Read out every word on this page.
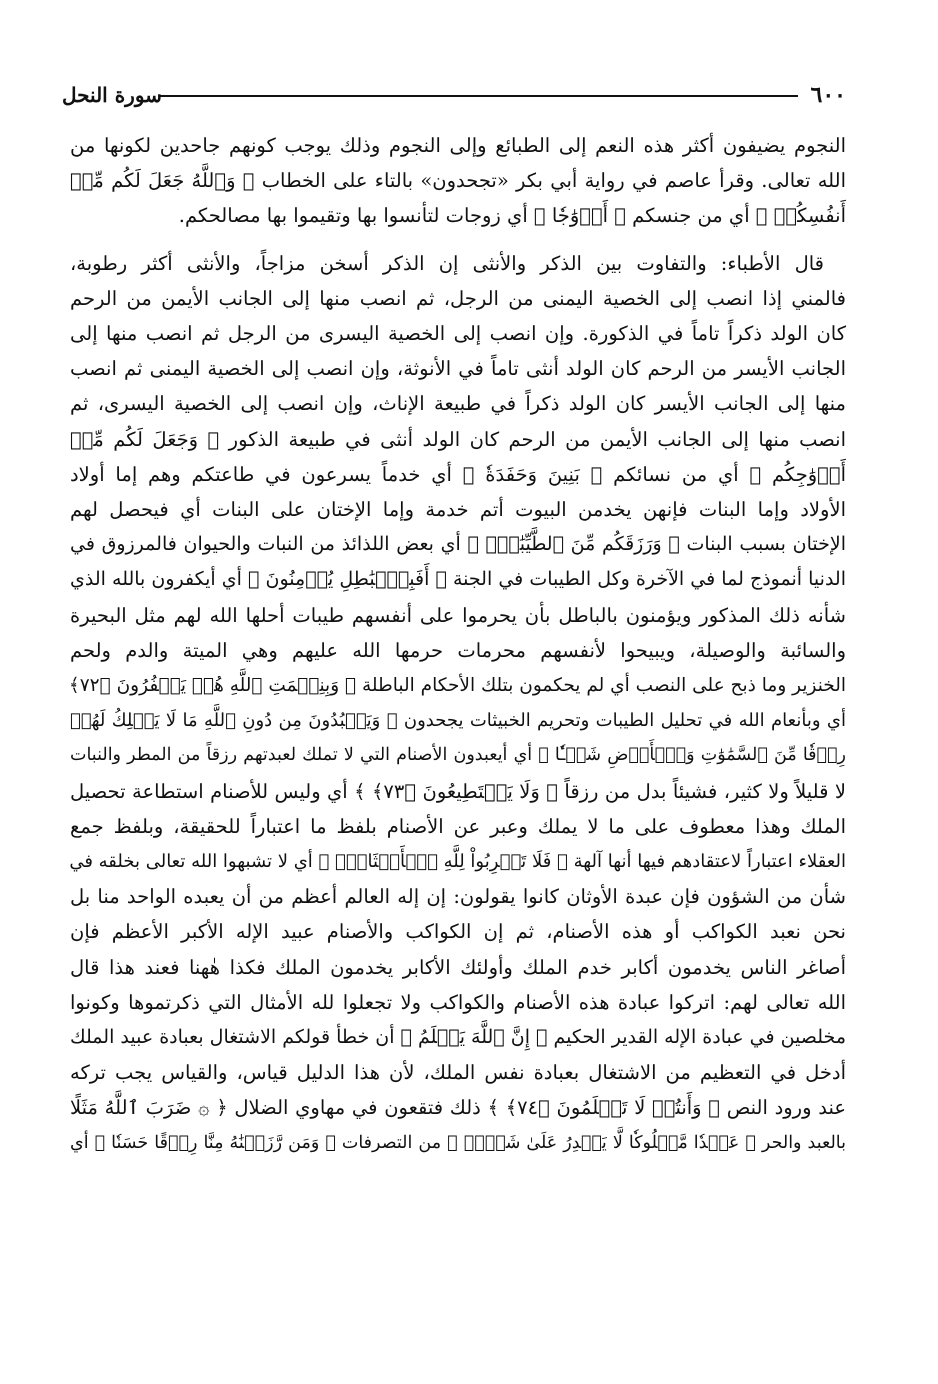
٦٠٠
سورة النحل

النجوم يضيفون أكثر هذه النعم إلى الطبائع وإلى النجوم وذلك يوجب كونهم جاحدين لكونها من
الله تعالى. وقرأ عاصم في رواية أبي بكر «تجحدون» بالتاء على الخطاب ﴿ وَٱللَّهُ جَعَلَ لَكُم مِّنۡ
أَنفُسِكُمۡ ﴾ أي من جنسكم ﴿ أَزۡوَٰجٗا ﴾ أي زوجات لتأنسوا بها وتقيموا بها مصالحكم.

قال الأطباء: والتفاوت بين الذكر والأنثى إن الذكر أسخن مزاجاً، والأنثى أكثر رطوبة،
فالمني إذا انصب إلى الخصية اليمنى من الرجل، ثم انصب منها إلى الجانب الأيمن من الرحم
كان الولد ذكراً تاماً في الذكورة. وإن انصب إلى الخصية اليسرى من الرجل ثم انصب منها إلى
الجانب الأيسر من الرحم كان الولد أنثى تاماً في الأنوثة، وإن انصب إلى الخصية اليمنى ثم انصب
منها إلى الجانب الأيسر كان الولد ذكراً في طبيعة الإناث، وإن انصب إلى الخصية اليسرى، ثم
انصب منها إلى الجانب الأيمن من الرحم كان الولد أنثى في طبيعة الذكور ﴿ وَجَعَلَ لَكُم مِّنۡ
أَزۡوَٰجِكُم ﴾ أي من نسائكم ﴿ بَنِينَ وَحَفَدَةٗ ﴾ أي خدماً يسرعون في طاعتكم وهم إما أولاد
الأولاد وإما البنات فإنهن يخدمن البيوت أتم خدمة وإما الإختان على البنات أي فيحصل لهم
الإختان بسبب البنات ﴿ وَرَزَقَكُم مِّنَ ٱلطَّيِّبَٰتِۚ ﴾ أي بعض اللذائذ من النبات والحيوان فالمرزوق في
الدنيا أنموذج لما في الآخرة وكل الطيبات في الجنة ﴿ أَفَبِٱلۡبَٰطِلِ يُؤۡمِنُونَ ﴾ أي أيكفرون بالله الذي
شأنه ذلك المذكور ويؤمنون بالباطل بأن يحرموا على أنفسهم طيبات أحلها الله لهم مثل البحيرة
والسائبة والوصيلة، ويبيحوا لأنفسهم محرمات حرمها الله عليهم وهي الميتة والدم ولحم
الخنزير وما ذبح على النصب أي لم يحكمون بتلك الأحكام الباطلة ﴿ وَبِنِعۡمَتِ ٱللَّهِ هُمۡ يَكۡفُرُونَ ﴿٧٢﴾
أي وبأنعام الله في تحليل الطيبات وتحريم الخبيثات يجحدون ﴿ وَيَعۡبُدُونَ مِن دُونِ ٱللَّهِ مَا لَا يَمۡلِكُ لَهُمۡ
رِزۡقٗا مِّنَ ٱلسَّمَٰوَٰتِ وَٱلۡأَرۡضِ شَيۡـٔٗا ﴾ أي أيعبدون الأصنام التي لا تملك لعبدتهم رزقاً من المطر والنبات
لا قليلاً ولا كثير، فشيئاً بدل من رزقاً ﴿ وَلَا يَسۡتَطِيعُونَ ﴿٧٣﴾ ﴾ أي وليس للأصنام استطاعة تحصيل
الملك وهذا معطوف على ما لا يملك وعبر عن الأصنام بلفظ ما اعتباراً للحقيقة، وبلفظ جمع
العقلاء اعتباراً لاعتقادهم فيها أنها آلهة ﴿ فَلَا تَضۡرِبُواْ لِلَّهِ ٱلۡأَمۡثَالَۚ ﴾ أي لا تشبهوا الله تعالى بخلقه في
شأن من الشؤون فإن عبدة الأوثان كانوا يقولون: إن إله العالم أعظم من أن يعبده الواحد منا بل
نحن نعبد الكواكب أو هذه الأصنام، ثم إن الكواكب والأصنام عبيد الإله الأكبر الأعظم فإن
أصاغر الناس يخدمون أكابر خدم الملك وأولئك الأكابر يخدمون الملك فكذا هٰهنا فعند هذا قال
الله تعالى لهم: اتركوا عبادة هذه الأصنام والكواكب ولا تجعلوا لله الأمثال التي ذكرتموها وكونوا
مخلصين في عبادة الإله القدير الحكيم ﴿ إِنَّ ٱللَّهَ يَعۡلَمُ ﴾ أن خطأ قولكم الاشتغال بعبادة عبيد الملك
أدخل في التعظيم من الاشتغال بعبادة نفس الملك، لأن هذا الدليل قياس، والقياس يجب تركه
عند ورود النص ﴿ وَأَنتُمۡ لَا تَعۡلَمُونَ ﴿٧٤﴾ ﴾ ذلك فتقعون في مهاوي الضلال ﴿ ۞ ضَرَبَ ٱللَّهُ مَثَلًا
بالعبد والحر ﴿ عَبۡدٗا مَّمۡلُوكٗا لَّا يَقۡدِرُ عَلَىٰ شَيۡءٖ ﴾ من التصرفات ﴿ وَمَن رَّزَقۡنَٰهُ مِنَّا رِزۡقًا حَسَنٗا ﴾ أي
